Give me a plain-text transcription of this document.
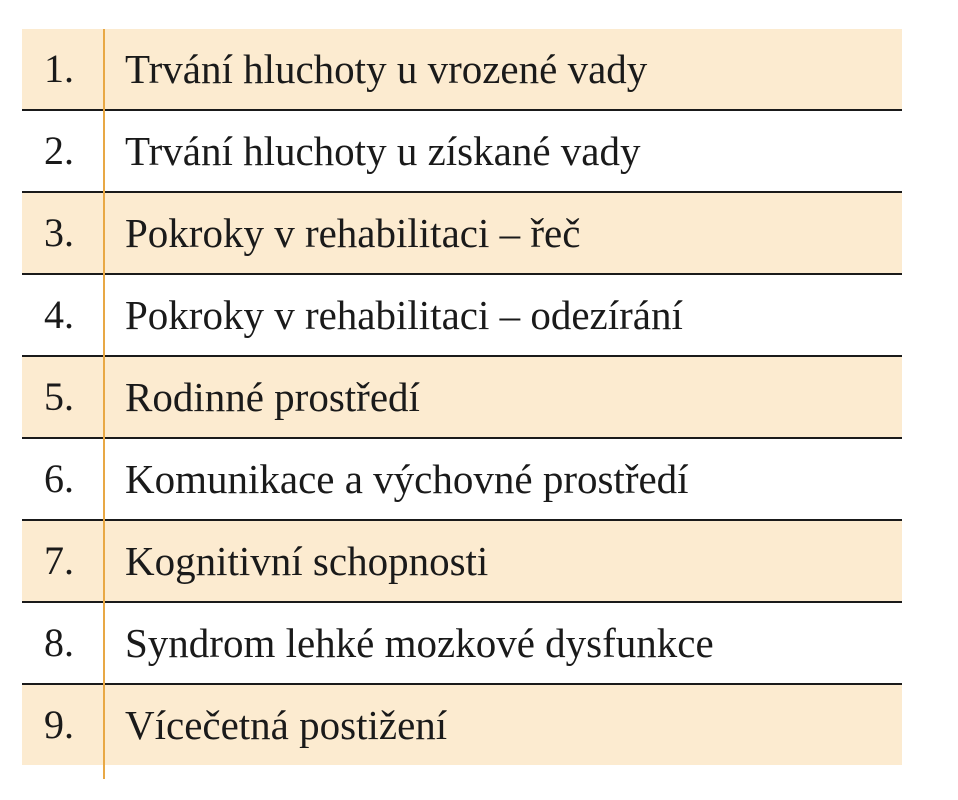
1.	Trvání hluchoty u vrozené vady
2.	Trvání hluchoty u získané vady
3.	Pokroky v rehabilitaci – řeč
4.	Pokroky v rehabilitaci – odezírání
5.	Rodinné prostředí
6.	Komunikace a výchovné prostředí
7.	Kognitivní schopnosti
8.	Syndrom lehké mozkové dysfunkce
9.	Vícečetná postižení
